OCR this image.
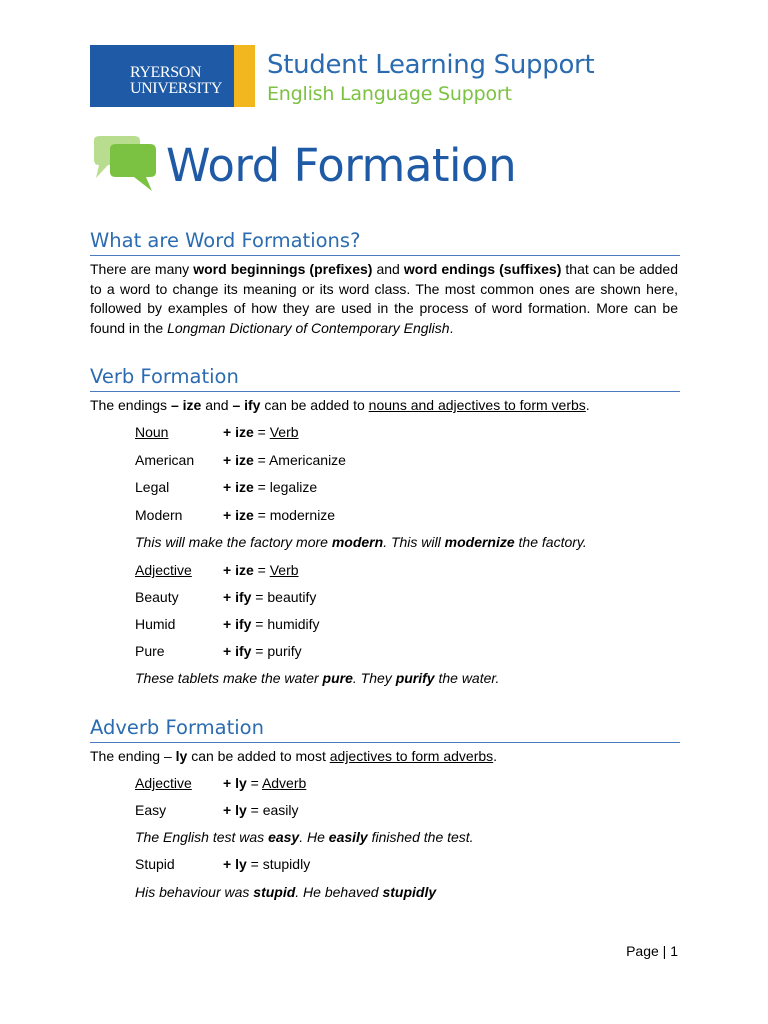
RYERSON
UNIVERSITY
Student Learning Support
English Language Support
Word Formation
What are Word Formations?
There are many word beginnings (prefixes) and word endings (suffixes) that can be added to a word to change its meaning or its word class. The most common ones are shown here, followed by examples of how they are used in the process of word formation. More can be found in the Longman Dictionary of Contemporary English.
Verb Formation
The endings – ize and – ify can be added to nouns and adjectives to form verbs.
Noun	+ ize = Verb
American + ize = Americanize
Legal	+ ize = legalize
Modern	+ ize = modernize
This will make the factory more modern. This will modernize the factory.
Adjective + ize = Verb
Beauty	+ ify = beautify
Humid	+ ify = humidify
Pure	+ ify = purify
These tablets make the water pure. They purify the water.
Adverb Formation
The ending – ly can be added to most adjectives to form adverbs.
Adjective + ly = Adverb
Easy	+ ly = easily
The English test was easy. He easily finished the test.
Stupid	+ ly = stupidly
His behaviour was stupid. He behaved stupidly
Page | 1
